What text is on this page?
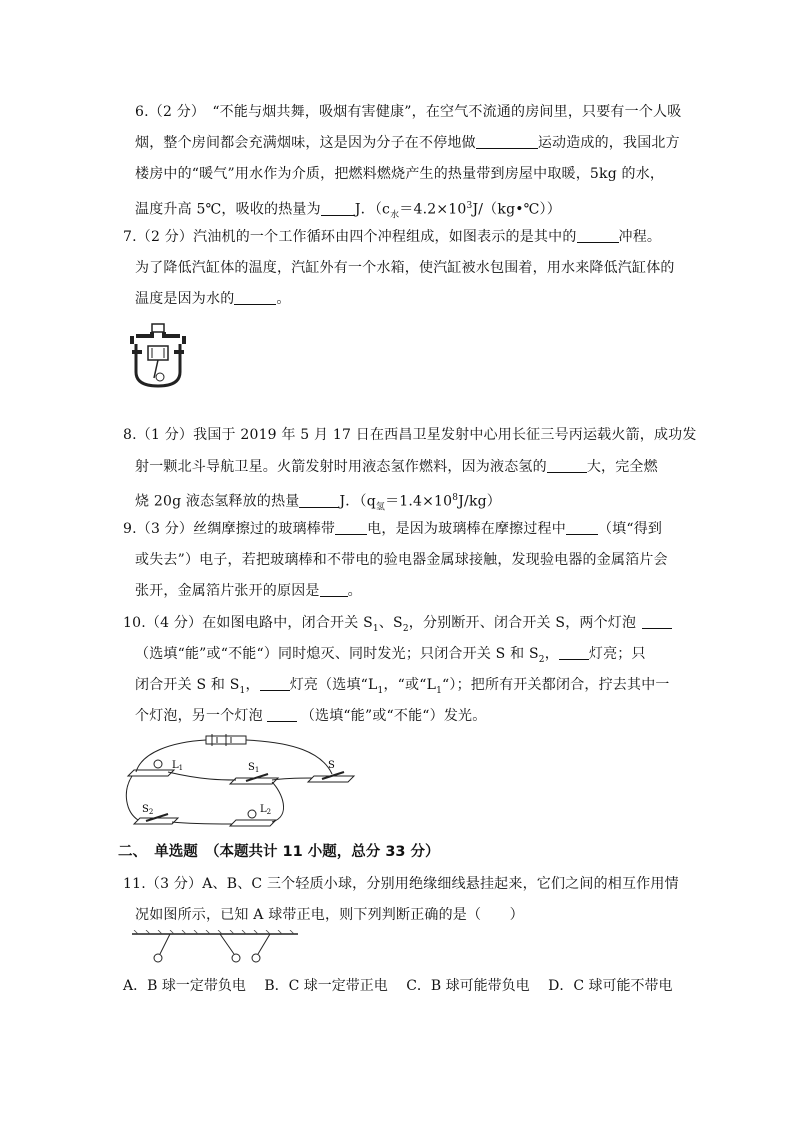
6.（2 分）　“不能与烟共舞，吸烟有害健康”，在空气不流通的房间里，只要有一个人吸
烟，整个房间都会充满烟味，这是因为分子在不停地做	运动造成的，我国北方
楼房中的“暖气”用水作为介质，把燃料燃烧产生的热量带到房屋中取暖，5kg 的水，
温度升高 5℃，吸收的热量为 J．$(c_水=4.2\times 10^3J/(kg•℃))$
7.（2 分）汽油机的一个工作循环由四个冲程组成，如图表示的是其中的	冲程。
为了降低汽缸体的温度，汽缸外有一个水箱，使汽缸被水包围着，用水来降低汽缸体的
温度是因为水的	。
8.（1 分）我国于 2019 年 5 月 17 日在西昌卫星发射中心用长征三号丙运载火箭，成功发
射一颗北斗导航卫星。火箭发射时用液态氢作燃料，因为液态氢的	大，完全燃
烧 20g 液态氢释放的热量	J．$(q_氢=1.4\times 10^8J/kg)$
9.（3 分）丝绸摩擦过的玻璃棒带 电，是因为玻璃棒在摩擦过程中 （填“得到
或失去”）电子，若把玻璃棒和不带电的验电器金属球接触，发现验电器的金属箔片会
张开，金属箔片张开的原因是 。
10.（4 分）在如图电路中，闭合开关 $S_1$、$S_2$，分别断开、闭合开关 S，两个灯泡
（选填“能”或“不能“）同时熄灭、同时发光；只闭合开关 S 和 $S_2$， 灯亮；只
闭合开关 S 和 $S_1$， 灯亮（选填“$L_1$，“或“$L_1“$）；把所有开关都闭合，拧去其中一
个灯泡，另一个灯泡	（选填“能”或“不能“）发光。
$L_1$	$S_1$	S
$S_2$	$L_2$
二、　单选题　（本题共计 11 小题，总分 33 分）
11.（3 分）A、B、C 三个轻质小球，分别用绝缘细线悬挂起来，它们之间的相互作用情
况如图所示，已知 A 球带正电，则下列判断正确的是（　　）
A．B 球一定带负电 B．C 球一定带正电 C．B 球可能带负电 D．C 球可能不带电
